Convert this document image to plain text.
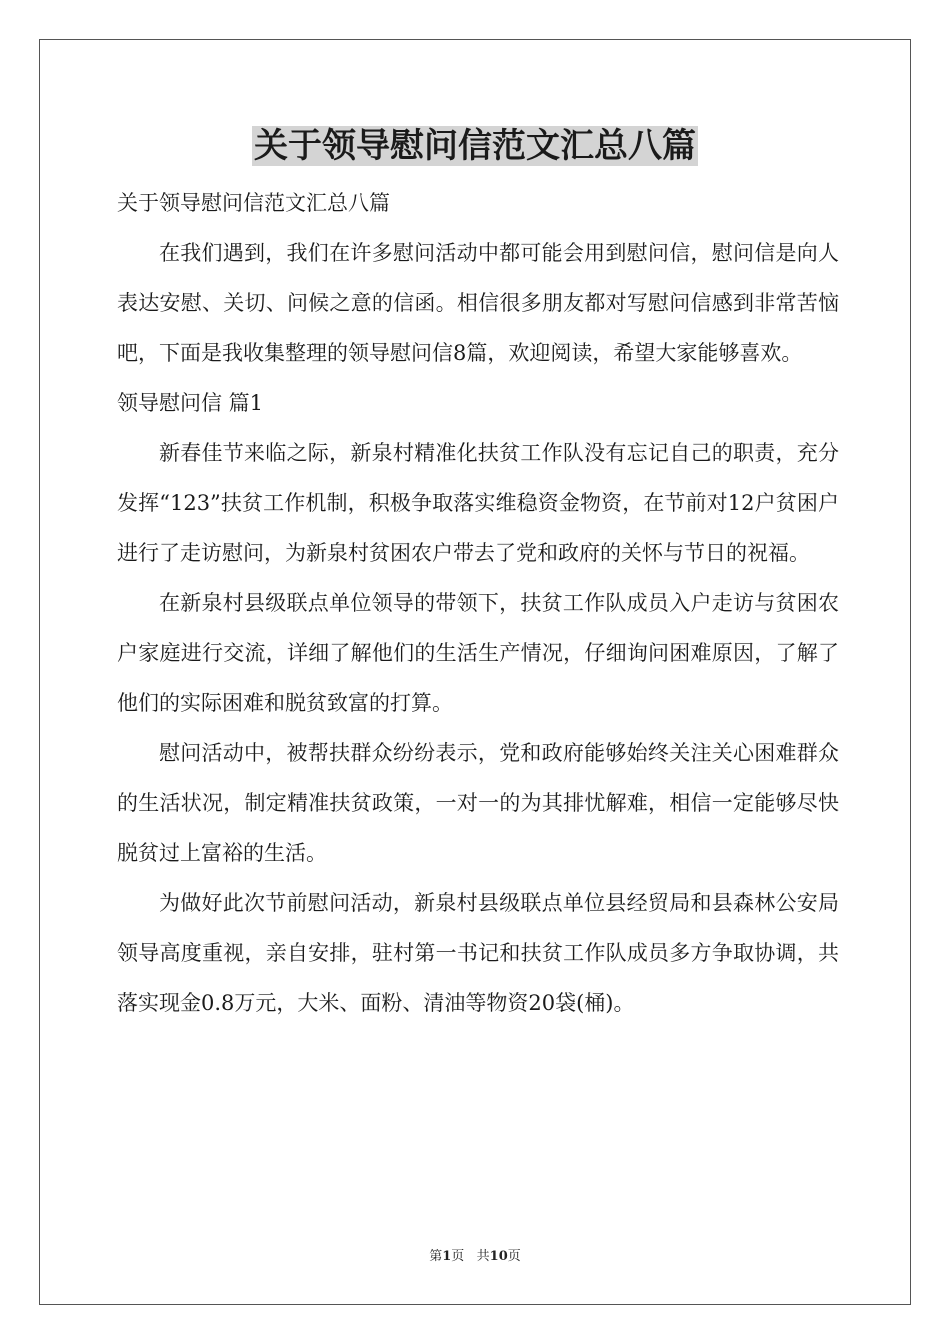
关于领导慰问信范文汇总八篇

关于领导慰问信范文汇总八篇

在我们遇到，我们在许多慰问活动中都可能会用到慰问信，慰问信是向人表达安慰、关切、问候之意的信函。相信很多朋友都对写慰问信感到非常苦恼吧，下面是我收集整理的领导慰问信8篇，欢迎阅读，希望大家能够喜欢。

领导慰问信 篇1

新春佳节来临之际，新泉村精准化扶贫工作队没有忘记自己的职责，充分发挥“123”扶贫工作机制，积极争取落实维稳资金物资，在节前对12户贫困户进行了走访慰问，为新泉村贫困农户带去了党和政府的关怀与节日的祝福。

在新泉村县级联点单位领导的带领下，扶贫工作队成员入户走访与贫困农户家庭进行交流，详细了解他们的生活生产情况，仔细询问困难原因，了解了他们的实际困难和脱贫致富的打算。

慰问活动中，被帮扶群众纷纷表示，党和政府能够始终关注关心困难群众的生活状况，制定精准扶贫政策，一对一的为其排忧解难，相信一定能够尽快脱贫过上富裕的生活。

为做好此次节前慰问活动，新泉村县级联点单位县经贸局和县森林公安局领导高度重视，亲自安排，驻村第一书记和扶贫工作队成员多方争取协调，共落实现金0.8万元，大米、面粉、清油等物资20袋(桶)。

第1页   共10页
